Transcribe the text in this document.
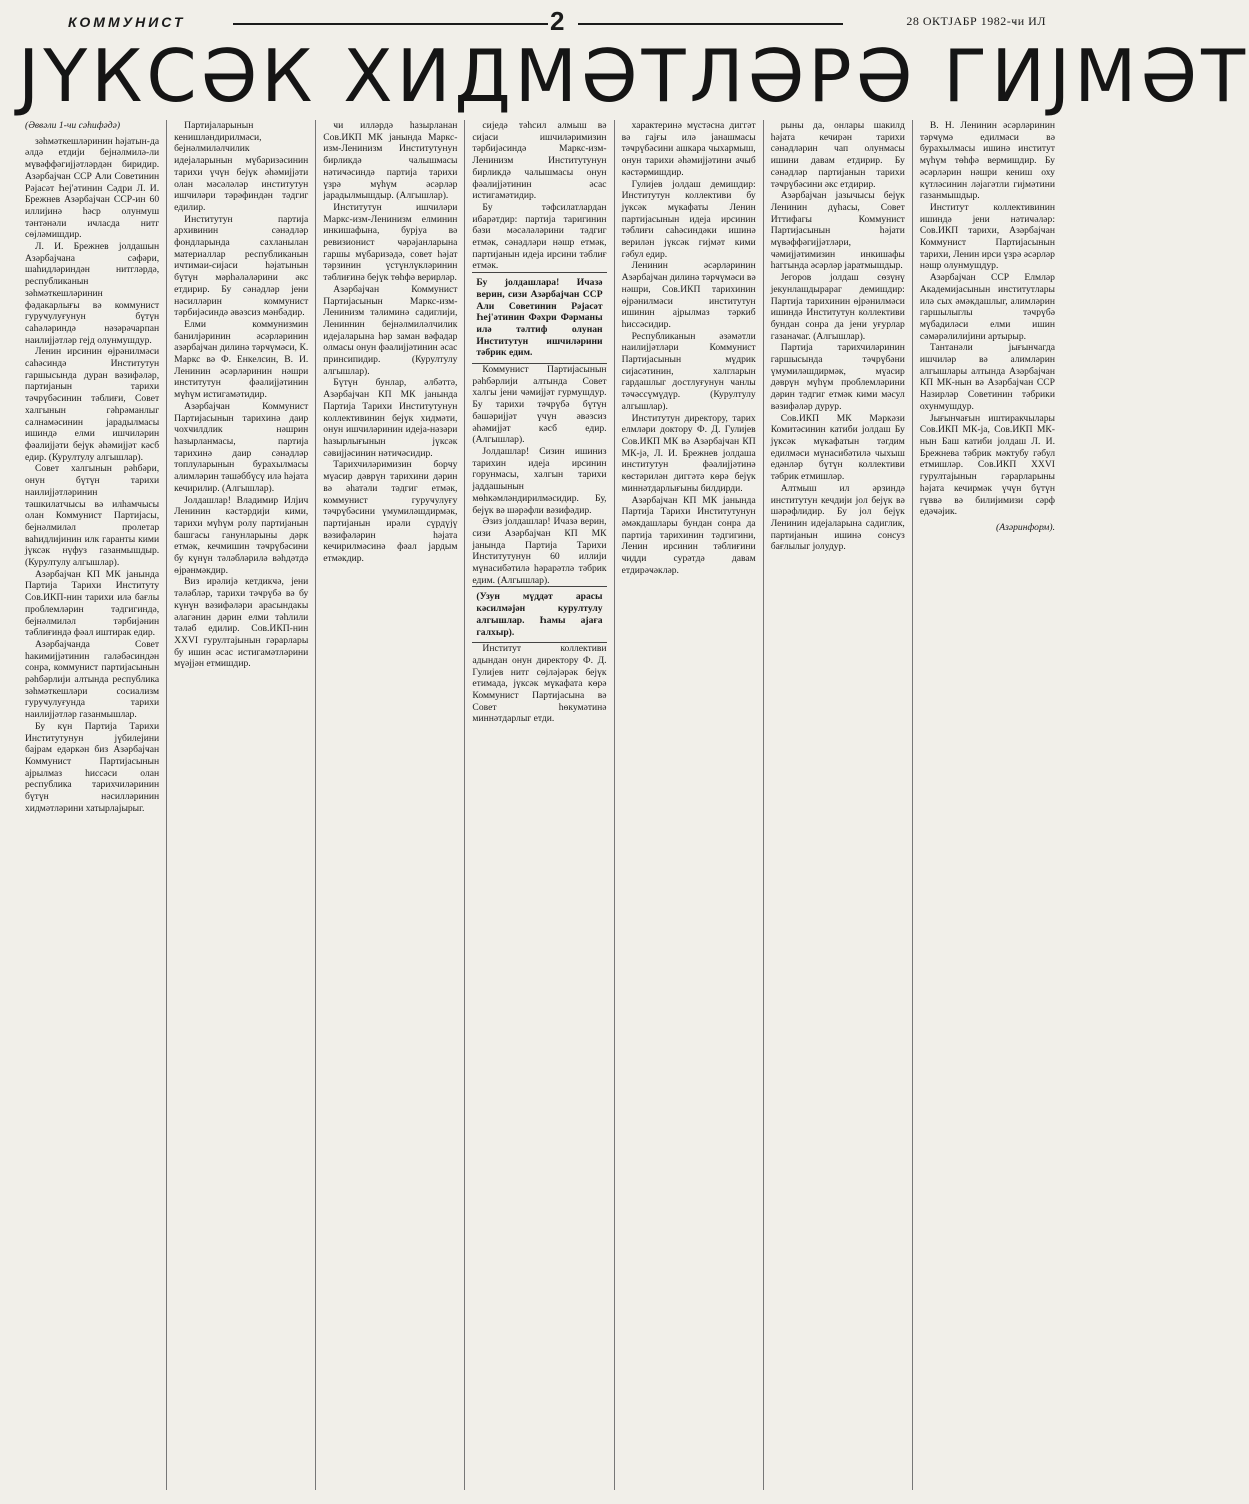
КОММУНИСТ	2	28 ОКТЈАБР 1982-ҹи ИЛ
ЈҮКСӘК ХИДМӘТЛӘРӘ ГИЈМӘТ

(Әввәли 1-чи сәһифәдә)

зәһмәткешләринин һәјатын-да әлдә етдији бејнәлмилә-ли мүвәффәгијјәтләрдән биридир. Азәрбајҹан ССР Али Советинин Рәјасәт Һеј'әтинин Сәдри Л. И. Брежнев Азәрбајҹан ССР-ин 60 иллијинә һәср олунмуш тәнтәнәли иҹласда нитг сөјләмишдир.

Л. И. Брежнев јолдашын Азәрбајҹана сәфәри, шаһидләриндән нитгләрдә, республиканын зәһмәткешләринин фәдакарлығы вә коммунист гуруҹулуғунун бүтүн саһәләриндә нәзәрәчарпан наилијјәтләр гејд олунмушдур.

Ленин ирсинин өјрәнилмәси саһәсиндә Институтун гаршысында дуран вәзифәләр, партијанын тарихи тәҹрүбәсинин тәблиғи, Совет халгынын гәһрәманлыг салнамәсинин јарадылмасы ишиндә елми ишчиләрин фәалијјәти бејүк әһәмијјәт кәсб едир. (Курултулу алгышлар).

Совет халгынын рәһбәри, онун бүтүн тарихи наилијјәтләринин тәшкилатчысы вә илһамчысы олан Коммунист Партијасы, бејнәлмиләл пролетар ваһидлијинин илк гаранты кими јүксәк нүфуз газанмышдыр. (Курултулу алгышлар).

Азәрбајҹан КП МК јанында Партија Тарихи Институту Сов.ИКП-нин тарихи илә бағлы проблемләрин тәдгигиндә, бејнәлмиләл тәрбијәнин тәблиғиндә фәал иштирак едир.

Азәрбајҹанда Совет һакимијјәтинин галәбәсиндән сонра, коммунист партијасынын рәһбәрлији алтында республика зәһмәткешләри сосиализм гуруҹулуғунда тарихи наилијјәтләр газанмышлар.

Бу күн Партија Тарихи Институтунун јүбилејини бајрам едәркән биз Азәрбајҹан Коммунист Партијасынын ајрылмаз һиссәси олан республика тарихчиләринин бүтүн нәсилләринин хидмәтләрини хатырлајырыг.

Партијаларынын кенишләндирилмәси, бејнәлмиләлчилик идејаларынын мүбаризәсинин тарихи үчүн бејүк әһәмијјәти олан мәсәләләр институтун ишчиләри тәрәфиндән тәдгиг едилир.

Институтун партија архивинин сәнәдләр фондларында сахланылан материаллар республиканын ичтимаи-сијаси һәјатынын бүтүн мәрһәләләрини әкс етдирир. Бу сәнәдләр јени нәсилләрин коммунист тәрбијәсиндә әвәзсиз мәнбәдир.

Елми коммунизмин банилјәринин әсәрләринин азәрбајҹан дилинә тәрҹүмәси, К. Маркс вә Ф. Енкелсин, В. И. Ленинин әсәрләринин нәшри институтун фәалијјәтинин мүһүм истигамәтидир.

Азәрбајҹан Коммунист Партијасынын тарихинә даир чохҹилдлик нәшрин һазырланмасы, партија тарихинә даир сәнәдләр топлуларынын бурахылмасы алимләрин тәшәббүсү илә һәјата кечирилир. (Алгышлар).

Јолдашлар! Владимир Илјич Ленинин кәстәрдији кими, тарихи мүһүм ролу партијанын башгасы ганунларыны дәрк етмәк, кечмишин тәҹрүбәсини бу күнүн тәләбләрилә вәһдәтдә өјрәнмәкдир.

Виз ирәлијә кетдикҹә, јени тәләбләр, тарихи тәҹрүбә вә бу күнүн вәзифәләри арасындакы әлагәнин дәрин елми тәһлили тәләб едилир. Сов.ИКП-нин XXVI гурултајынын гәрарлары бу ишин әсас истигамәтләрини мүәјјән етмишдир.

ҹи илләрдә һазырланан Сов.ИКП МК јанында Маркс-изм-Ленинизм Институтунун бирликдә чалышмасы нәтиҹәсиндә партија тарихи үзрә мүһүм әсәрләр јарадылмышдыр. (Алгышлар).

Институтун ишчиләри Маркс-изм-Ленинизм елминин инкишафына, бурјуа вә ревизионист ҹәрәјанларына гаршы мүбаризәдә, совет һәјат тәрзинин үстүнлүкләринин тәблиғинә бејүк төһфә верирләр.

Азәрбајҹан Коммунист Партијасынын Маркс-изм-Ленинизм тәлиминә садиглији, Лениннин бејнәлмиләлчилик идејаларына һәр заман вәфадар олмасы онун фәалијјәтинин әсас принсипидир. (Курултулу алгышлар).

Бүтүн бунлар, әлбәттә, Азәрбајҹан КП МК јанында Партија Тарихи Институтунун коллективинин бејүк хидмәти, онун ишчиләринин идеја-нәзәри һазырлығынын јүксәк сәвијјәсинин нәтиҹәсидир.

Тарихчиләримизин борҹу мүасир дәврүн тарихини дәрин вә әһатәли тәдгиг етмәк, коммунист гуруҹулуғу тәҹрүбәсини үмумиләшдирмәк, партијанын ирәли сүрдүјү вәзифәләрин һәјата кечирилмәсинә фәал јардым етмәкдир.

сиједә тәһсил алмыш вә сијаси ишчиләримизин тәрбијәсиндә Маркс-изм-Ленинизм Институтунун бирликдә чалышмасы онун фәалијјәтинин әсас истигамәтидир.

Бу тәфсилатлардан ибарәтдир: партија таригинин бәзи мәсәләләрини тәдгиг етмәк, сәнәдләри нәшр етмәк, партијанын идеја ирсини тәблиғ етмәк.

Бу јолдашлара! Ичазә верин, сизи Азәрбајҹан ССР Али Советинин Рәјасәт Һеј'әтинин Фәхри Фәрманы илә тәлтиф олунан Институтун ишчиләрини тәбрик едим.

Коммунист Партијасынын рәһбәрлији алтында Совет халгы јени ҹәмијјәт гурмушдур. Бу тарихи тәҹрүбә бүтүн бәшәријјәт үчүн әвәзсиз әһәмијјәт кәсб едир. (Алгышлар).

Јолдашлар! Сизин ишиниз тарихин идеја ирсинин горунмасы, халгын тарихи јаддашынын мөһкәмләндирилмәсидир. Бу, бејүк вә шәрәфли вәзифәдир.

Әзиз јолдашлар! Ичазә верин, сизи Азәрбајҹан КП МК јанында Партија Тарихи Институтунун 60 иллији мүнасибәтилә һәрарәтлә тәбрик едим. (Алгышлар).

(Узун мүддәт арасы кәсилмәјән курултулу алгышлар. Һамы ајаға галхыр).

Институт коллективи адындан онун директору Ф. Д. Гулијев нитг сөјләјәрәк бејүк етимада, јүксәк мүкафата көрә Коммунист Партијасына вә Совет һөкумәтинә миннәтдарлыг етди.

характеринә мүстәсна диггәт вә гајғы илә јанашмасы тәҹрүбәсини ашкара чыхармыш, онун тарихи әһәмијјәтини ачыб кәстәрмишдир.

Гулијев јолдаш демишдир: Институтун коллективи бу јүксәк мүкафаты Ленин партијасынын идеја ирсинин тәблиғи саһәсиндәки ишинә верилән јүксәк гијмәт кими гәбул едир.

Ленинин әсәрләринин Азәрбајҹан дилинә тәрҹүмәси вә нәшри, Сов.ИКП тарихинин өјрәнилмәси институтун ишинин ајрылмаз тәркиб һиссәсидир.

Республиканын әзәмәтли наилијјәтләри Коммунист Партијасынын мүдрик сијасәтинин, халгларын гардашлыг достлуғунун ҹанлы тәҹәссүмүдүр. (Курултулу алгышлар).

Институтун директору, тарих елмләри доктору Ф. Д. Гулијев Сов.ИКП МК вә Азәрбајҹан КП МК-јә, Л. И. Брежнев јолдаша институтун фәалијјәтинә көстәрилән диггәтә көрә бејүк миннәтдарлығыны билдирди.

Азәрбајҹан КП МК јанында Партија Тарихи Институтунун әмәкдашлары бундан сонра да партија тарихинин тәдгигини, Ленин ирсинин тәблиғини ҹидди сурәтдә давам етдирәҹәкләр.

рыны да, онлары шакилд һәјата кечирән тарихи сәнәдләрин чап олунмасы ишини давам етдирир. Бу сәнәдләр партијанын тарихи тәҹрүбәсини әкс етдирир.

Азәрбајҹан јазычысы бејүк Ленинин дүһасы, Совет Иттифагы Коммунист Партијасынын һәјати мүвәффәгијјәтләри, ҹәмијјәтимизин инкишафы һаггында әсәрләр јаратмышдыр.

Јегоров јолдаш сөзүнү јекунлашдырараг демишдир: Партија тарихинин өјрәнилмәси ишиндә Институтун коллективи бундан сонра да јени уғурлар газанаҹаг. (Алгышлар).

Партија тарихчиләринин гаршысында тәҹрүбәни үмумиләшдирмәк, мүасир дәврүн мүһүм проблемләрини дәрин тәдгиг етмәк кими мәсул вәзифәләр дурур.

Сов.ИКП МК Мәркәзи Комитәсинин катиби јолдаш Бу јүксәк мүкафатын тәгдим едилмәси мүнасибәтилә чыхыш едәнләр бүтүн коллективи тәбрик етмишләр.

Алтмыш ил әрзиндә институтун кечдији јол бејүк вә шәрәфлидир. Бу јол бејүк Ленинин идејаларына садиглик, партијанын ишинә сонсуз бағлылыг јолудур.

В. Н. Ленинин әсәрләринин тәрҹүмә едилмәси вә бурахылмасы ишинә институт мүһүм төһфә вермишдир. Бу әсәрләрин нәшри кениш оху күтләсинин ләјагәтли гијмәтини газанмышдыр.

Институт коллективинин ишиндә јени нәтиҹәләр: Сов.ИКП тарихи, Азәрбајҹан Коммунист Партијасынын тарихи, Ленин ирси үзрә әсәрләр нәшр олунмушдур.

Азәрбајҹан ССР Елмләр Академијасынын институтлары илә сых әмәкдашлыг, алимләрин гаршылыглы тәҹрүбә мүбадиләси елми ишин сәмәрәлилијини артырыр.

Тантанәли јығынҹагда ишчиләр вә алимләрин алгышлары алтында Азәрбајҹан КП МК-нын вә Азәрбајҹан ССР Назирләр Советинин тәбрики охунмушдур.

Јығынҹағын иштиракчылары Сов.ИКП МК-ја, Сов.ИКП МК-нын Баш катиби јолдаш Л. И. Брежнева тәбрик мәктубу гәбул етмишләр. Сов.ИКП XXVI гурултајынын гәрарларыны һәјата кечирмәк үчүн бүтүн гүввә вә билијимизи сәрф едәҹәјик.

(Азәринформ).
